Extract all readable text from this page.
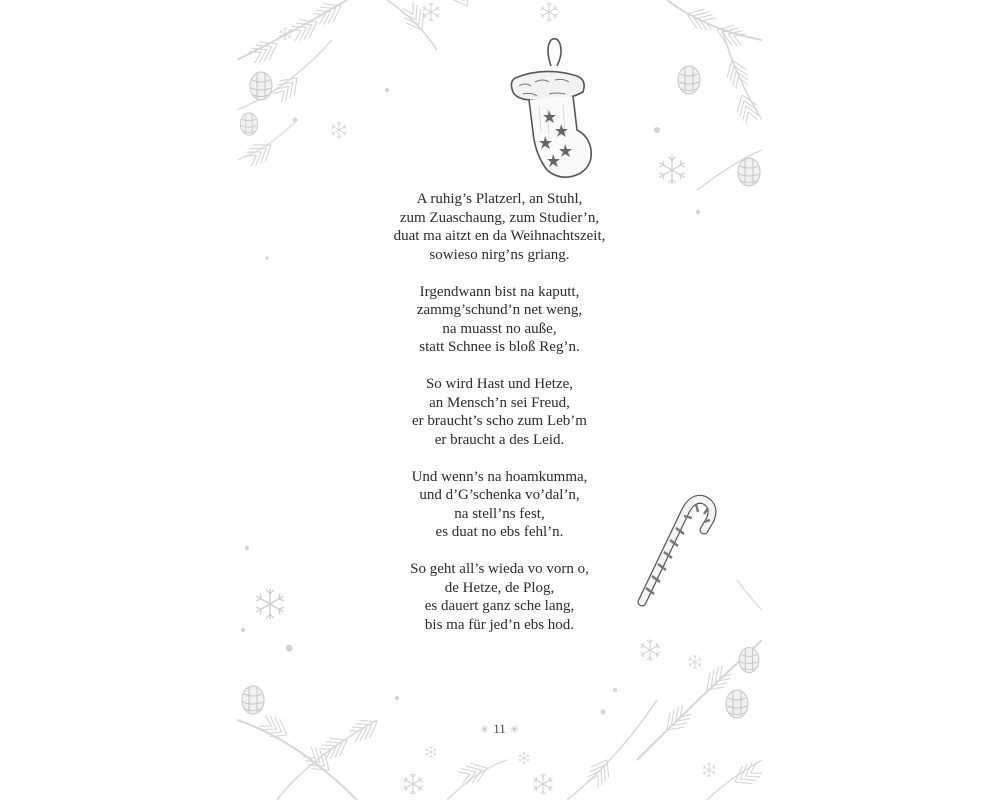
A ruhig’s Platzerl, an Stuhl,
zum Zuaschaung, zum Studier’n,
duat ma aitzt en da Weihnachtszeit,
sowieso nirg’ns griang.
Irgendwann bist na kaputt,
zammg’schund’n net weng,
na muasst no auße,
statt Schnee is bloß Reg’n.
So wird Hast und Hetze,
an Mensch’n sei Freud,
er braucht’s scho zum Leb’m
er braucht a des Leid.
Und wenn’s na hoamkumma,
und d’G’schenka vo’dal’n,
na stell’ns fest,
es duat no ebs fehl’n.
So geht all’s wieda vo vorn o,
de Hetze, de Plog,
es dauert ganz sche lang,
bis ma für jed’n ebs hod.
✳ 11 ✳
